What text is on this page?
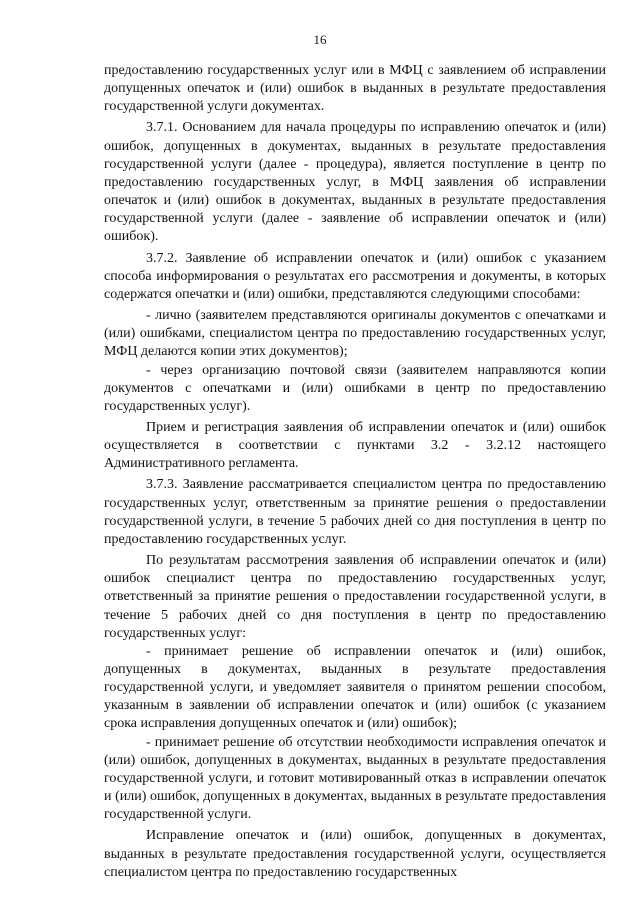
16

предоставлению государственных услуг или в МФЦ с заявлением об исправлении допущенных опечаток и (или) ошибок в выданных в результате предоставления государственной услуги документах.

3.7.1. Основанием для начала процедуры по исправлению опечаток и (или) ошибок, допущенных в документах, выданных в результате предоставления государственной услуги (далее - процедура), является поступление в центр по предоставлению государственных услуг, в МФЦ заявления об исправлении опечаток и (или) ошибок в документах, выданных в результате предоставления государственной услуги (далее - заявление об исправлении опечаток и (или) ошибок).

3.7.2. Заявление об исправлении опечаток и (или) ошибок с указанием способа информирования о результатах его рассмотрения и документы, в которых содержатся опечатки и (или) ошибки, представляются следующими способами:

- лично (заявителем представляются оригиналы документов с опечатками и (или) ошибками, специалистом центра по предоставлению государственных услуг, МФЦ делаются копии этих документов);

- через организацию почтовой связи (заявителем направляются копии документов с опечатками и (или) ошибками в центр по предоставлению государственных услуг).

Прием и регистрация заявления об исправлении опечаток и (или) ошибок осуществляется в соответствии с пунктами 3.2 - 3.2.12 настоящего Административного регламента.

3.7.3. Заявление рассматривается специалистом центра по предоставлению государственных услуг, ответственным за принятие решения о предоставлении государственной услуги, в течение 5 рабочих дней со дня поступления в центр по предоставлению государственных услуг.

По результатам рассмотрения заявления об исправлении опечаток и (или) ошибок специалист центра по предоставлению государственных услуг, ответственный за принятие решения о предоставлении государственной услуги, в течение 5 рабочих дней со дня поступления в центр по предоставлению государственных услуг:

- принимает решение об исправлении опечаток и (или) ошибок, допущенных в документах, выданных в результате предоставления государственной услуги, и уведомляет заявителя о принятом решении способом, указанным в заявлении об исправлении опечаток и (или) ошибок (с указанием срока исправления допущенных опечаток и (или) ошибок);

- принимает решение об отсутствии необходимости исправления опечаток и (или) ошибок, допущенных в документах, выданных в результате предоставления государственной услуги, и готовит мотивированный отказ в исправлении опечаток и (или) ошибок, допущенных в документах, выданных в результате предоставления государственной услуги.

Исправление опечаток и (или) ошибок, допущенных в документах, выданных в результате предоставления государственной услуги, осуществляется специалистом центра по предоставлению государственных
